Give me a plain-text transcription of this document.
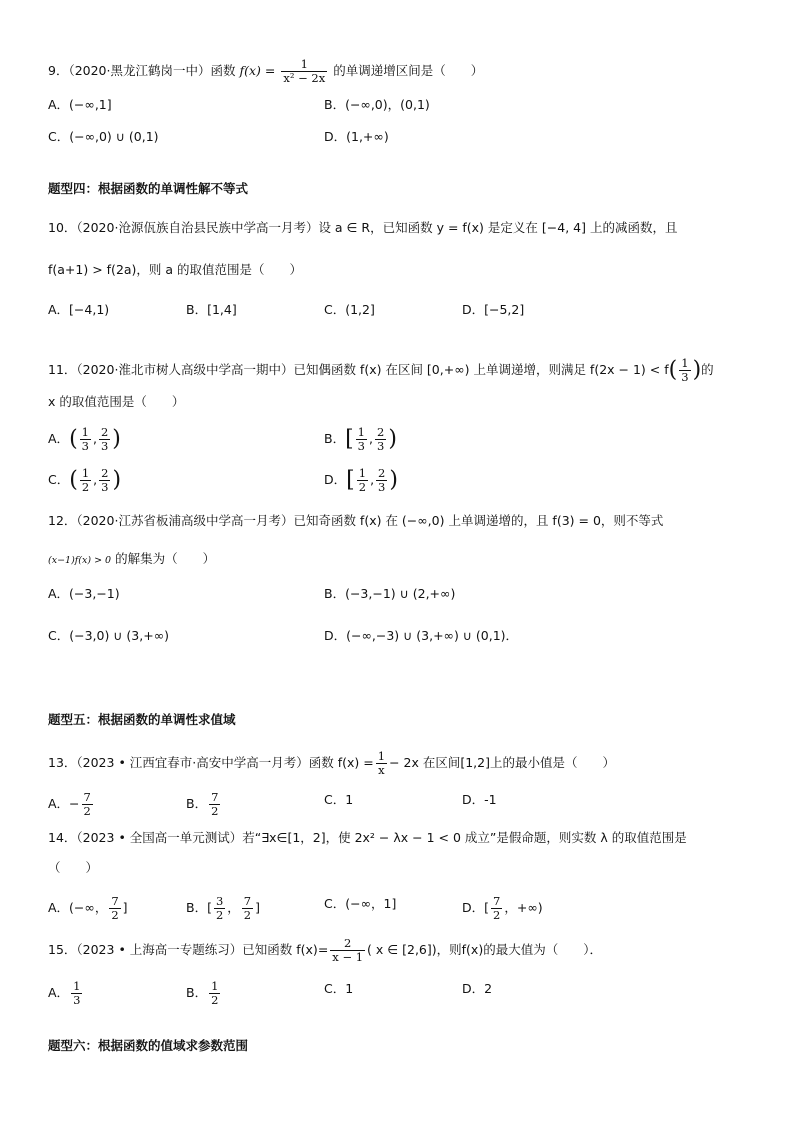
9．（2020·黑龙江鹤岗一中）函数 $f(x) = \frac{1}{\text{x² − 2x}}$ 的单调递增区间是（　　）
A．(−∞,1]	B．(−∞,0)，(0,1)
C．(−∞,0) ∪ (0,1)	D．(1,+∞)
题型四：根据函数的单调性解不等式
10．（2020·沧源佤族自治县民族中学高一月考）设 a ∈ R，已知函数 y = f(x) 是定义在 [−4, 4] 上的减函数，且
f(a+1) > f(2a)，则 a 的取值范围是（　　）
A．[−4,1)	B．[1,4]	C．(1,2]	D．[−5,2]
11．（2020·淮北市树人高级中学高一期中）已知偶函数 f(x) 在区间 [0,+∞) 上单调递增，则满足 $f(2x - 1) < f( \frac{1}{3}$ )的
x 的取值范围是（　　）
A．( $\frac{1}{3}$ , $\frac{2}{3}$ )	B．[ $\frac{1}{3}$ , $\frac{2}{3}$ )
C．( $\frac{1}{2}$ , $\frac{2}{3}$ )	D．[ $\frac{1}{2}$ , $\frac{2}{3}$ )
12．（2020·江苏省板浦高级中学高一月考）已知奇函数 f(x) 在 (−∞,0) 上单调递增的，且 f(3) = 0，则不等式
(x−1)f(x) > 0 的解集为（　　）
A．(−3,−1)	B．(−3,−1) ∪ (2,+∞)
C．(−3,0) ∪ (3,+∞)	D．(−∞,−3) ∪ (3,+∞) ∪ (0,1)．
题型五：根据函数的单调性求值域
13．（2023 • 江西宜春市·高安中学高一月考）函数 $f(x) = \frac{1}{x} - 2x$ 在区间[1,2]上的最小值是（　　）
A．− $\frac{7}{2}$	B． $\frac{7}{2}$	C．1	D．-1
14．（2023 • 全国高一单元测试）若“∃x∈[1，2]，使 2x² − λx − 1 < 0 成立”是假命题，则实数 λ 的取值范围是
（　　）
A．(−∞， $\frac{7}{2}$ ]	B．[ $\frac{3}{2}$ ， $\frac{7}{2}$ ]	C．(−∞，1]	D．[ $\frac{7}{2}$ ，+∞)
15．（2023 • 上海高一专题练习）已知函数 $f(x)= \frac{2}{x - 1}$ ( x ∈ [2,6])，则f(x)的最大值为（　　）．
A． $\frac{1}{3}$	B． $\frac{1}{2}$	C．1	D．2
题型六：根据函数的值域求参数范围
